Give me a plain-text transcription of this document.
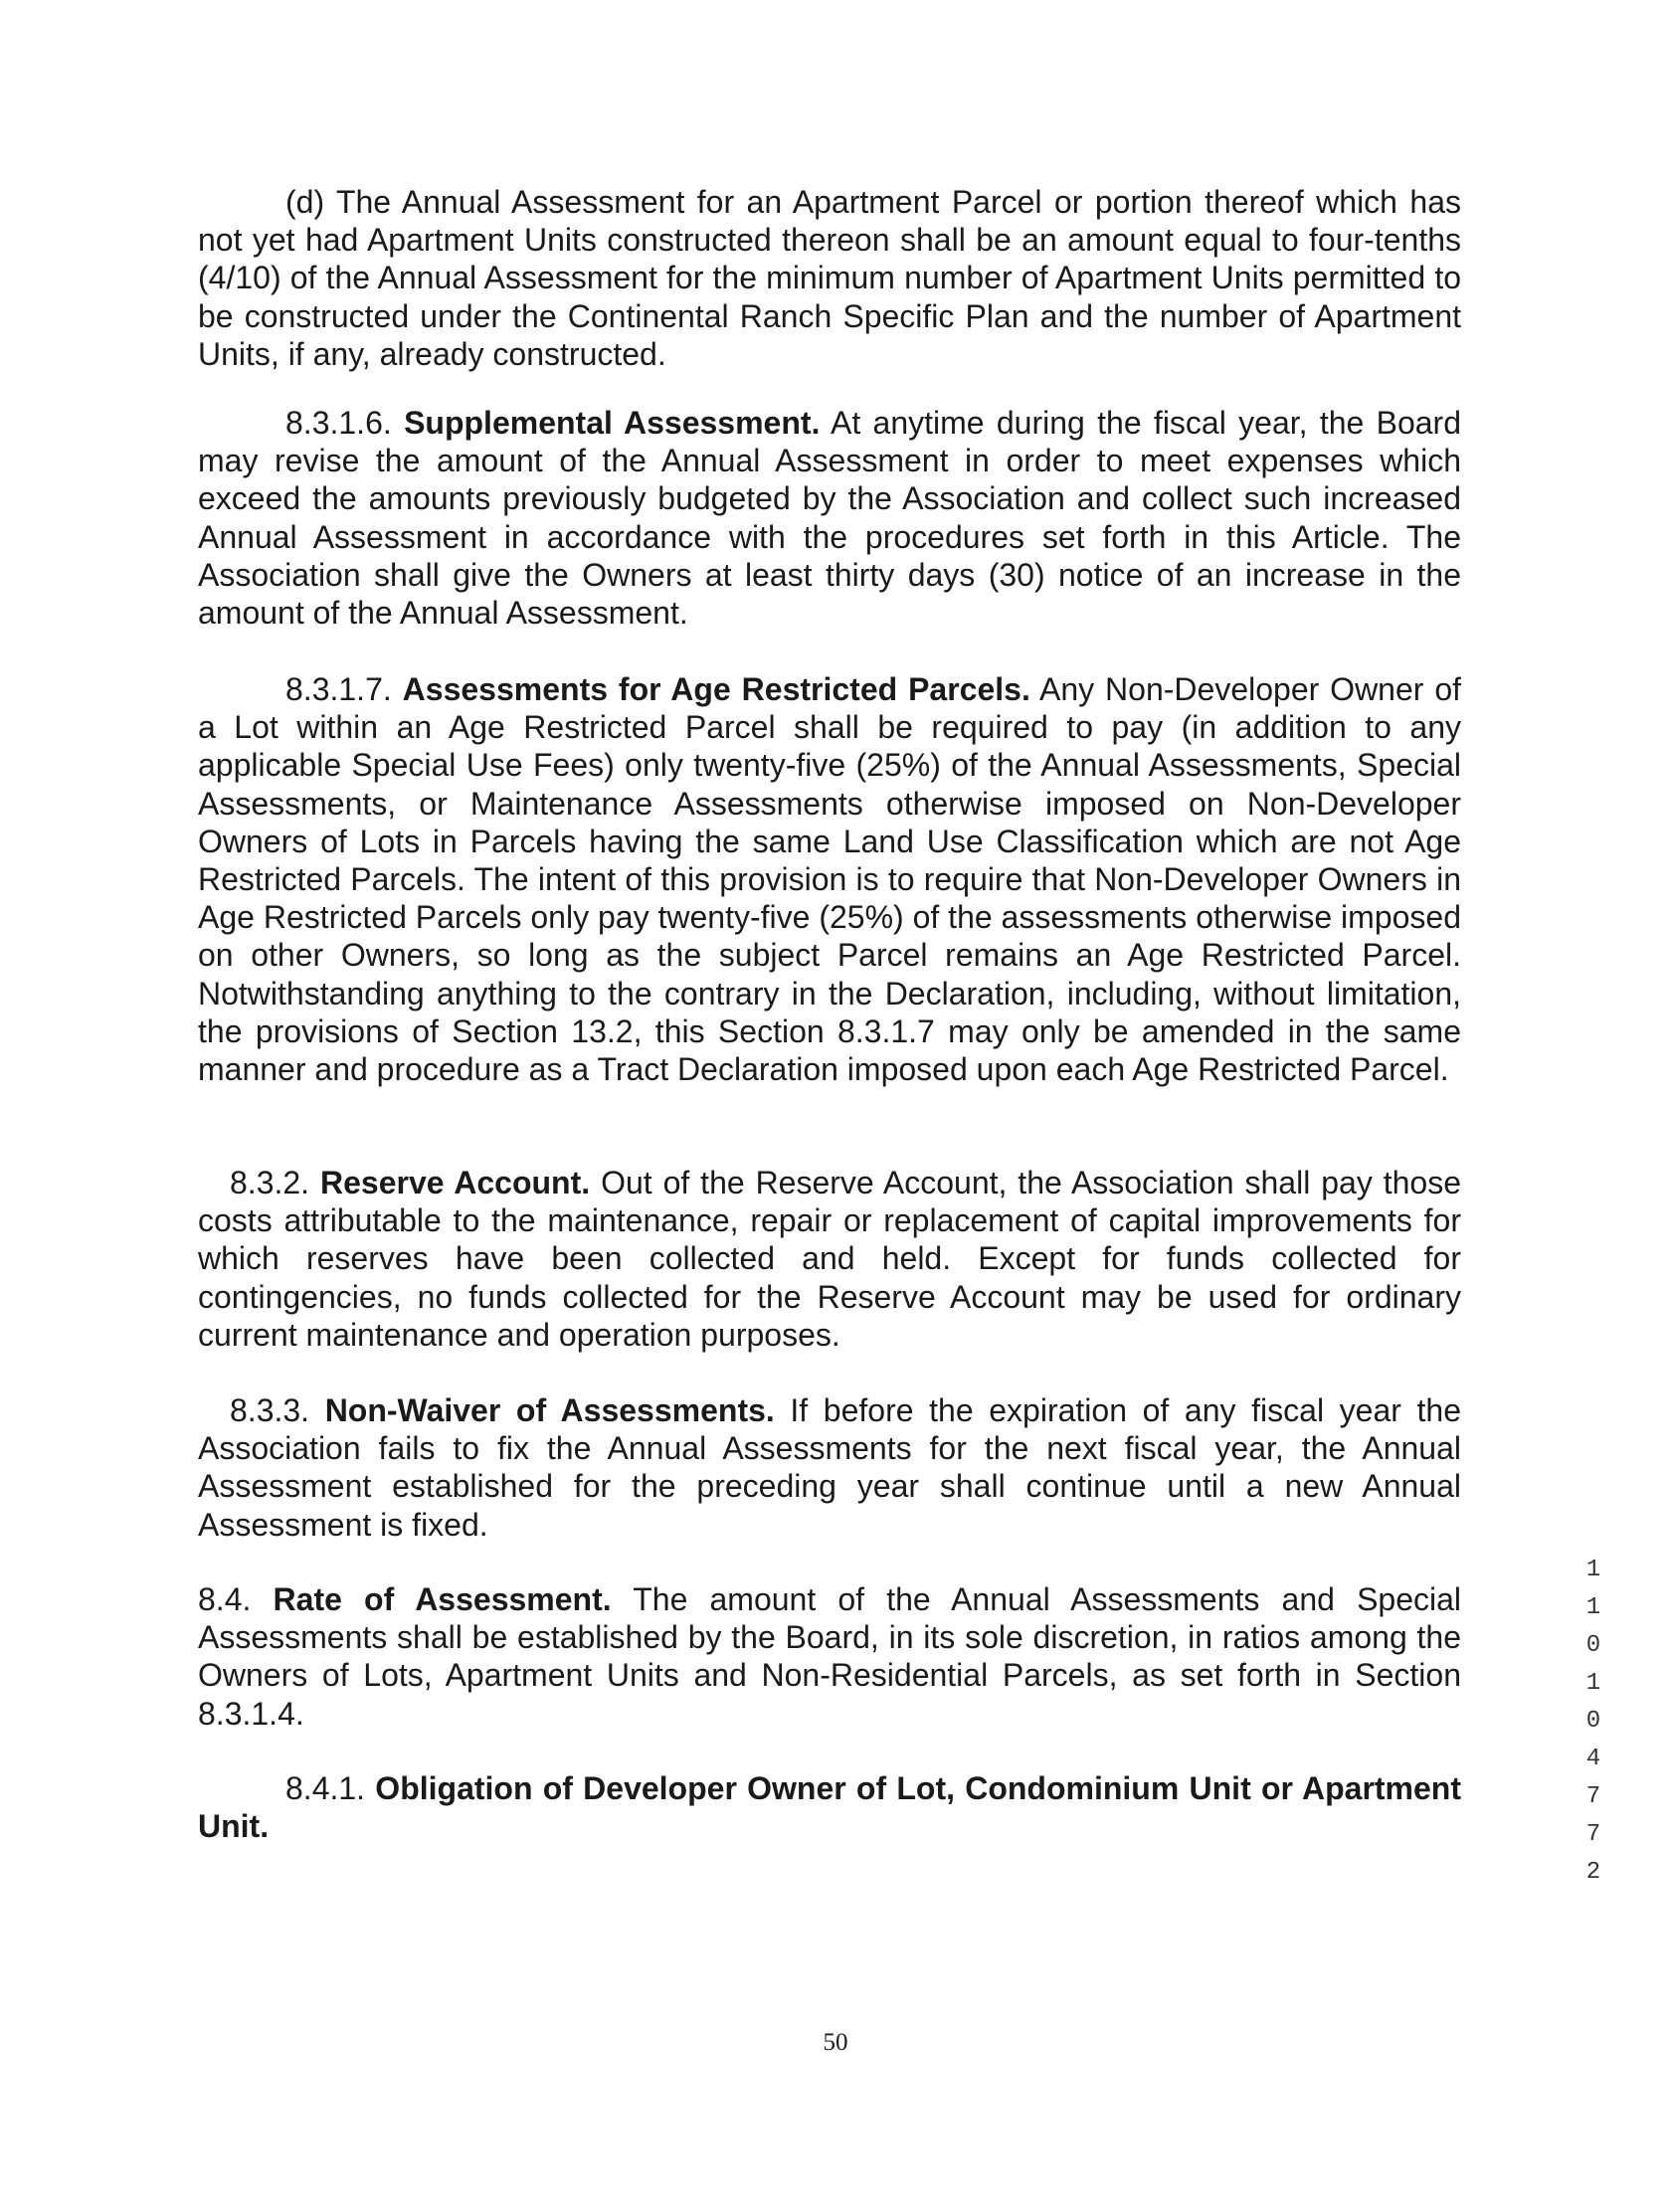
(d) The Annual Assessment for an Apartment Parcel or portion thereof which has not yet had Apartment Units constructed thereon shall be an amount equal to four-tenths (4/10) of the Annual Assessment for the minimum number of Apartment Units permitted to be constructed under the Continental Ranch Specific Plan and the number of Apartment Units, if any, already constructed.

8.3.1.6. Supplemental Assessment. At anytime during the fiscal year, the Board may revise the amount of the Annual Assessment in order to meet expenses which exceed the amounts previously budgeted by the Association and collect such increased Annual Assessment in accordance with the procedures set forth in this Article. The Association shall give the Owners at least thirty days (30) notice of an increase in the amount of the Annual Assessment.

8.3.1.7. Assessments for Age Restricted Parcels. Any Non-Developer Owner of a Lot within an Age Restricted Parcel shall be required to pay (in addition to any applicable Special Use Fees) only twenty-five (25%) of the Annual Assessments, Special Assessments, or Maintenance Assessments otherwise imposed on Non-Developer Owners of Lots in Parcels having the same Land Use Classification which are not Age Restricted Parcels. The intent of this provision is to require that Non-Developer Owners in Age Restricted Parcels only pay twenty-five (25%) of the assessments otherwise imposed on other Owners, so long as the subject Parcel remains an Age Restricted Parcel. Notwithstanding anything to the contrary in the Declaration, including, without limitation, the provisions of Section 13.2, this Section 8.3.1.7 may only be amended in the same manner and procedure as a Tract Declaration imposed upon each Age Restricted Parcel.

8.3.2. Reserve Account. Out of the Reserve Account, the Association shall pay those costs attributable to the maintenance, repair or replacement of capital improvements for which reserves have been collected and held. Except for funds collected for contingencies, no funds collected for the Reserve Account may be used for ordinary current maintenance and operation purposes.

8.3.3. Non-Waiver of Assessments. If before the expiration of any fiscal year the Association fails to fix the Annual Assessments for the next fiscal year, the Annual Assessment established for the preceding year shall continue until a new Annual Assessment is fixed.

8.4. Rate of Assessment. The amount of the Annual Assessments and Special Assessments shall be established by the Board, in its sole discretion, in ratios among the Owners of Lots, Apartment Units and Non-Residential Parcels, as set forth in Section 8.3.1.4.

8.4.1. Obligation of Developer Owner of Lot, Condominium Unit or Apartment Unit.

50
1
1
0
1
0
4
7
7
2
